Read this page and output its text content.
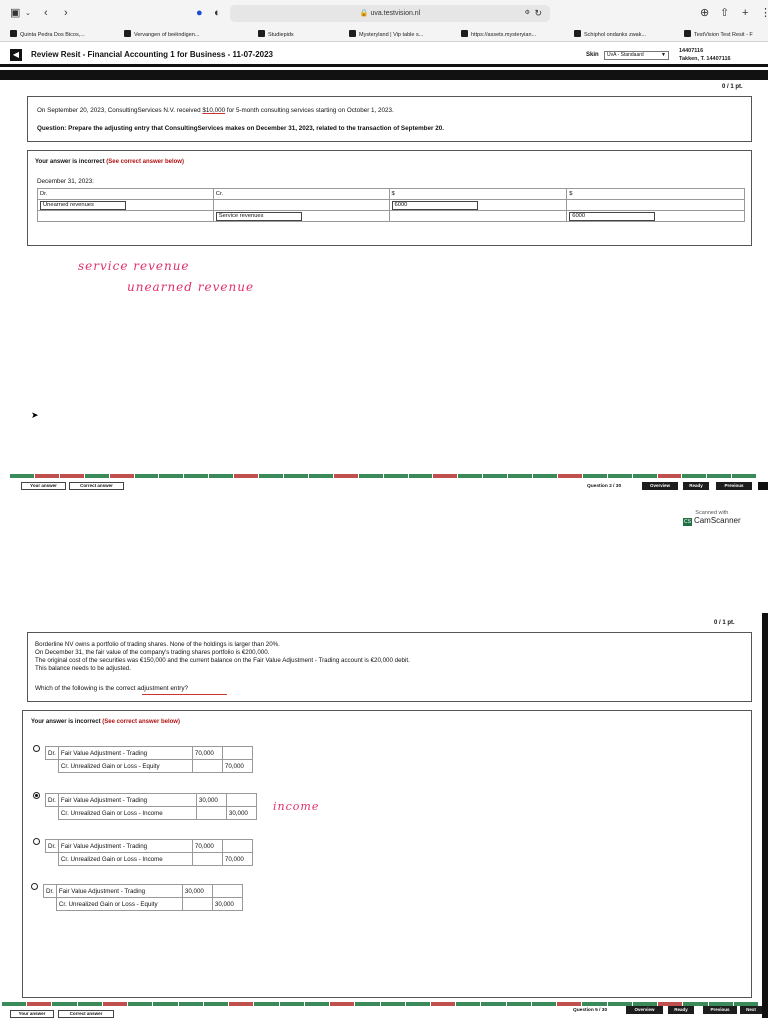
▣ ⌄ ‹ ›	● ◐	🔒 uva.testvision.nl	⚙ ↻	⊕ ⇧ + ⋮
Quinta Pedra Dos Bicos,...	Vervangen of beëindigen...	Studiepids	Mysteryland | Vip table s...	https://assets.mysteryian...	Schiphol ondanks zwak...	TestVision Test Resit - F
◀	Review Resit - Financial Accounting 1 for Business - 11-07-2023	Skin	UvA - Standaard	▼
14407116
Takken, T. 14407116
0 / 1 pt.
On September 20, 2023, ConsultingServices N.V. received $10,000 for 5-month consulting services starting on October 1, 2023.
Question: Prepare the adjusting entry that ConsultingServices makes on December 31, 2023, related to the transaction of September 20.
Your answer is incorrect (See correct answer below)
December 31, 2023:
Dr.	Cr.	$	$
Unearned revenues		6000	
	Service revenues		6000
service revenue
unearned revenue
➤
Your answer	Correct answer	Question 2 / 30	Overview	Ready	Previous
Scanned with
CS CamScanner
0 / 1 pt.
Borderline NV owns a portfolio of trading shares. None of the holdings is larger than 20%.
On December 31, the fair value of the company's trading shares portfolio is €200,000.
The original cost of the securities was €150,000 and the current balance on the Fair Value Adjustment - Trading account is €20,000 debit.
This balance needs to be adjusted.
Which of the following is the correct adjustment entry?
Your answer is incorrect (See correct answer below)
Dr.	Fair Value Adjustment - Trading	70,000	
	Cr. Unrealized Gain or Loss - Equity		70,000
Dr.	Fair Value Adjustment - Trading	30,000	
	Cr. Unrealized Gain or Loss - Income		30,000 income
Dr.	Fair Value Adjustment - Trading	70,000	
	Cr. Unrealized Gain or Loss - Income		70,000
Dr.	Fair Value Adjustment - Trading	30,000	
	Cr. Unrealized Gain or Loss - Equity		30,000
Your answer	Correct answer
Question 5 / 30	Overview	Ready	Previous	Next
